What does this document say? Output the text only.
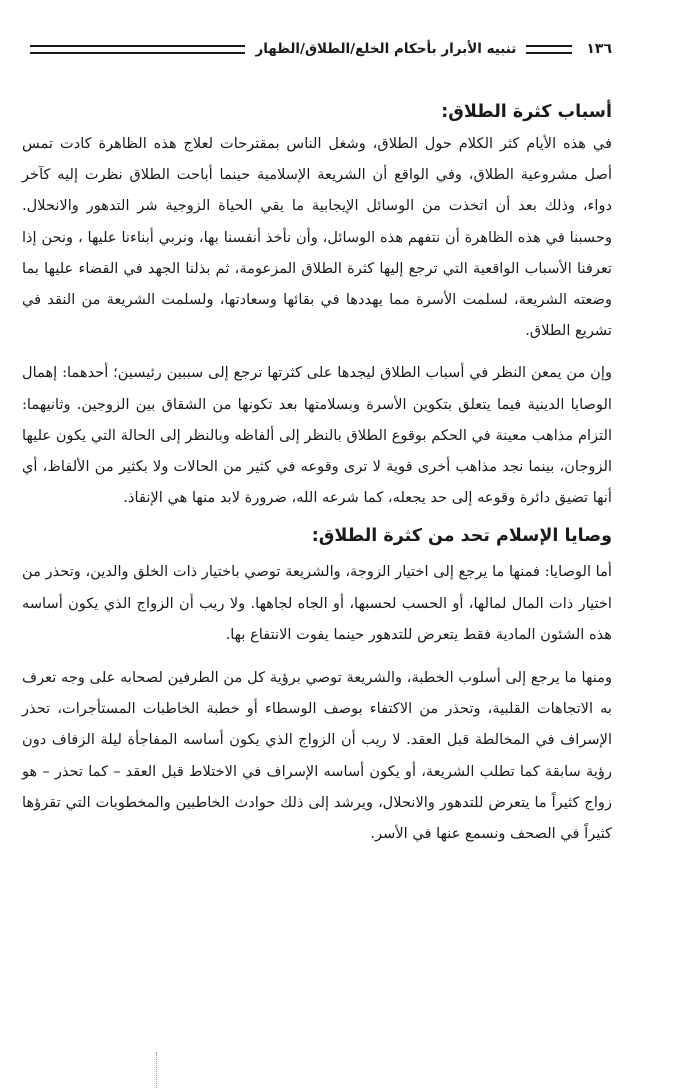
١٣٦
تنبيه الأبرار بأحكام الخلع/الطلاق/الظهار
أسباب كثرة الطلاق:

في هذه الأيام كثر الكلام حول الطلاق، وشغل الناس بمقترحات لعلاج هذه الظاهرة كادت تمس أصل مشروعية الطلاق، وفي الواقع أن الشريعة الإسلامية حينما أباحت الطلاق نظرت إليه كآخر دواء، وذلك بعد أن اتخذت من الوسائل الإيجابية ما يقي الحياة الزوجية شر التدهور والانحلال. وحسبنا في هذه الظاهرة أن نتفهم هذه الوسائل، وأن نأخذ أنفسنا بها، ونربي أبناءنا عليها ، ونحن إذا تعرفنا الأسباب الواقعية التي ترجع إليها كثرة الطلاق المزعومة، ثم بذلنا الجهد في القضاء عليها بما وضعته الشريعة، لسلمت الأسرة مما يهددها في بقائها وسعادتها، ولسلمت الشريعة من النقد في تشريع الطلاق.

وإن من يمعن النظر في أسباب الطلاق ليجدها على كثرتها ترجع إلى سببين رئيسين؛ أحدهما: إهمال الوصايا الدينية فيما يتعلق بتكوين الأسرة وبسلامتها بعد تكونها من الشقاق بين الزوجين. وثانيهما: التزام مذاهب معينة في الحكم بوقوع الطلاق بالنظر إلى ألفاظه وبالنظر إلى الحالة التي يكون عليها الزوجان، بينما نجد مذاهب أخرى قوية لا ترى وقوعه في كثير من الحالات ولا بكثير من الألفاظ، أي أنها تضيق دائرة وقوعه إلى حد يجعله، كما شرعه الله، ضرورة لابد منها هي الإنقاذ.

وصايا الإسلام تحد من كثرة الطلاق:

أما الوصايا: فمنها ما يرجع إلى اختيار الزوجة، والشريعة توصي باختيار ذات الخلق والدين، وتحذر من اختيار ذات المال لمالها، أو الحسب لحسبها، أو الجاه لجاهها. ولا ريب أن الزواج الذي يكون أساسه هذه الشئون المادية فقط يتعرض للتدهور حينما يفوت الانتفاع بها.

ومنها ما يرجع إلى أسلوب الخطبة، والشريعة توصي برؤية كل من الطرفين لصحابه على وجه تعرف به الاتجاهات القلبية، وتحذر من الاكتفاء بوصف الوسطاء أو خطبة الخاطبات المستأجرات، تحذر الإسراف في المخالطة قبل العقد. لا ريب أن الزواج الذي يكون أساسه المفاجأة ليلة الزفاف دون رؤية سابقة كما تطلب الشريعة، أو يكون أساسه الإسراف في الاختلاط قبل العقد – كما تحذر – هو زواج كثيراً ما يتعرض للتدهور والانحلال، ويرشد إلى ذلك حوادث الخاطبين والمخطوبات التي تقرؤها كثيراً في الصحف ونسمع عنها في الأسر.
